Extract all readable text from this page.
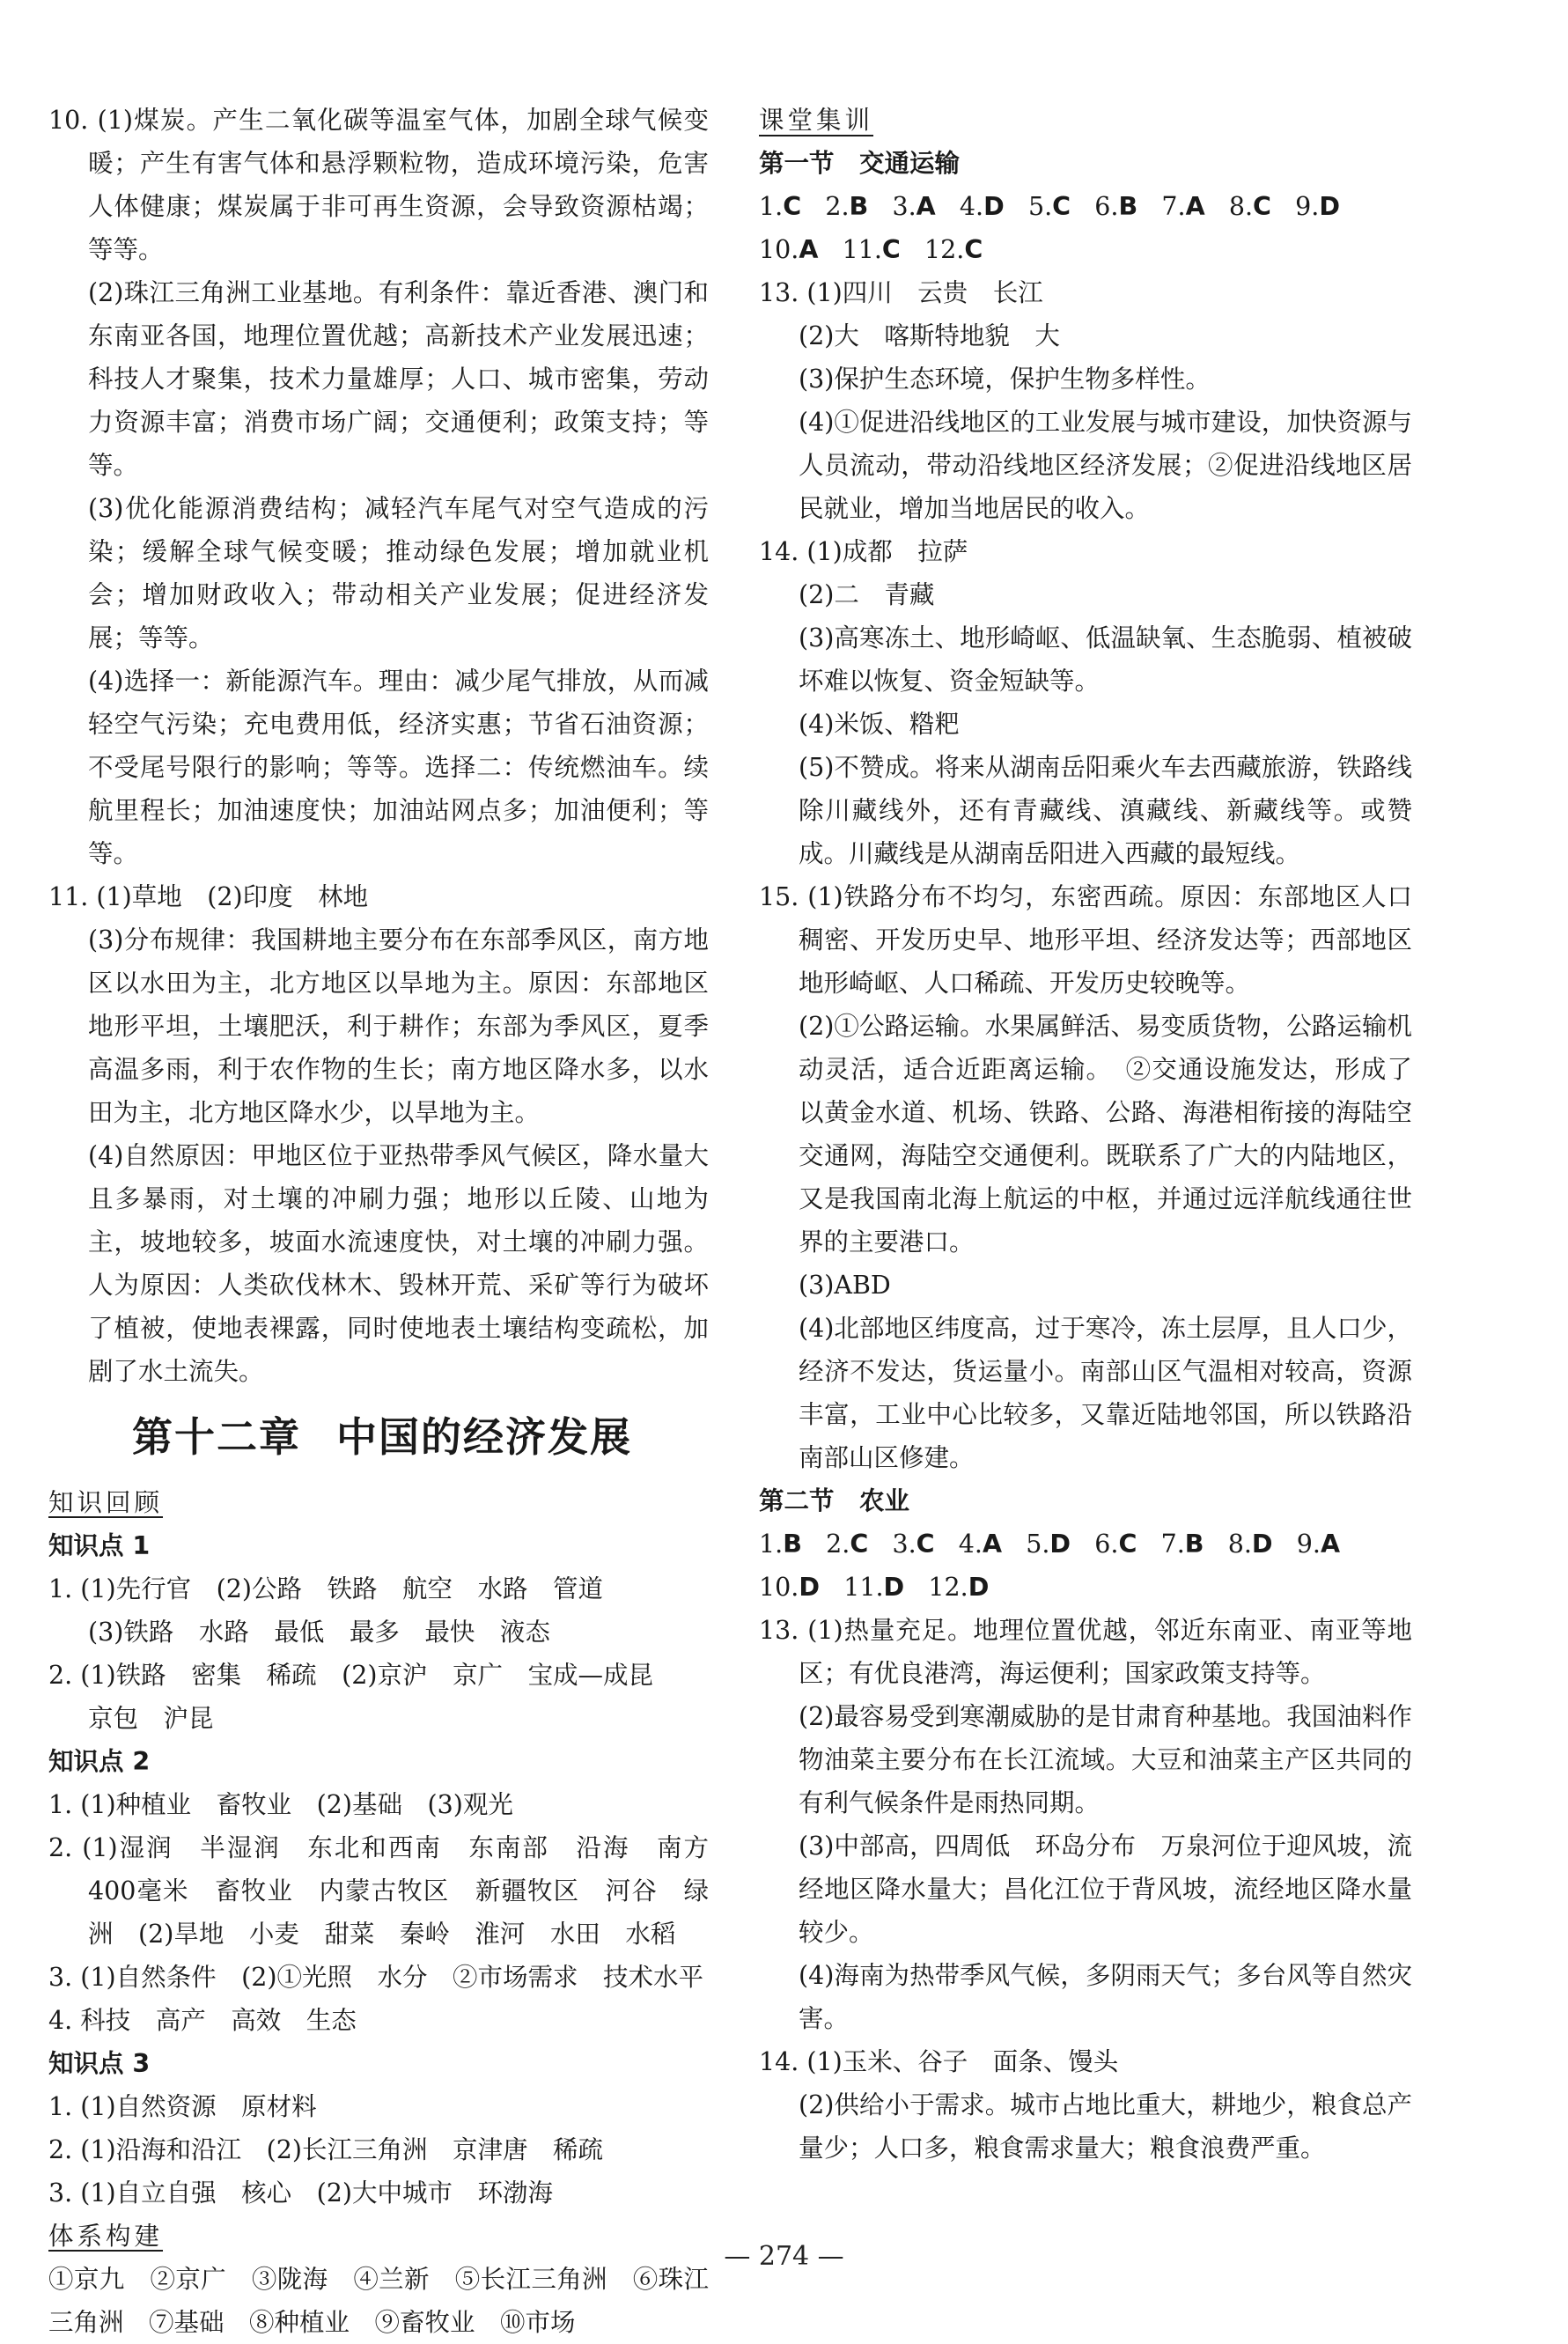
10. (1)煤炭。产生二氧化碳等温室气体，加剧全球气候变暖；产生有害气体和悬浮颗粒物，造成环境污染，危害人体健康；煤炭属于非可再生资源，会导致资源枯竭；等等。

(2)珠江三角洲工业基地。有利条件：靠近香港、澳门和东南亚各国，地理位置优越；高新技术产业发展迅速；科技人才聚集，技术力量雄厚；人口、城市密集，劳动力资源丰富；消费市场广阔；交通便利；政策支持；等等。

(3)优化能源消费结构；减轻汽车尾气对空气造成的污染；缓解全球气候变暖；推动绿色发展；增加就业机会；增加财政收入；带动相关产业发展；促进经济发展；等等。

(4)选择一：新能源汽车。理由：减少尾气排放，从而减轻空气污染；充电费用低，经济实惠；节省石油资源；不受尾号限行的影响；等等。选择二：传统燃油车。续航里程长；加油速度快；加油站网点多；加油便利；等等。

11. (1)草地　(2)印度　林地

(3)分布规律：我国耕地主要分布在东部季风区，南方地区以水田为主，北方地区以旱地为主。原因：东部地区地形平坦，土壤肥沃，利于耕作；东部为季风区，夏季高温多雨，利于农作物的生长；南方地区降水多，以水田为主，北方地区降水少，以旱地为主。

(4)自然原因：甲地区位于亚热带季风气候区，降水量大且多暴雨，对土壤的冲刷力强；地形以丘陵、山地为主，坡地较多，坡面水流速度快，对土壤的冲刷力强。人为原因：人类砍伐林木、毁林开荒、采矿等行为破坏了植被，使地表裸露，同时使地表土壤结构变疏松，加剧了水土流失。

第十二章 中国的经济发展

知识回顾

知识点 1

1. (1)先行官　(2)公路　铁路　航空　水路　管道

(3)铁路　水路　最低　最多　最快　液态

2. (1)铁路　密集　稀疏　(2)京沪　京广　宝成—成昆

京包　沪昆

知识点 2

1. (1)种植业　畜牧业　(2)基础　(3)观光

2. (1)湿润　半湿润　东北和西南　东南部　沿海　南方　400毫米　畜牧业　内蒙古牧区　新疆牧区　河谷　绿洲　(2)旱地　小麦　甜菜　秦岭　淮河　水田　水稻

3. (1)自然条件　(2)①光照　水分　②市场需求　技术水平

4. 科技　高产　高效　生态

知识点 3

1. (1)自然资源　原材料

2. (1)沿海和沿江　(2)长江三角洲　京津唐　稀疏

3. (1)自立自强　核心　(2)大中城市　环渤海

体系构建

①京九　②京广　③陇海　④兰新　⑤长江三角洲　⑥珠江三角洲　⑦基础　⑧种植业　⑨畜牧业　⑩市场

课堂集训

第一节　交通运输

1.C 2.B 3.A 4.D 5.C 6.B 7.A 8.C 9.D

10.A 11.C 12.C

13. (1)四川　云贵　长江

(2)大　喀斯特地貌　大

(3)保护生态环境，保护生物多样性。

(4)①促进沿线地区的工业发展与城市建设，加快资源与人员流动，带动沿线地区经济发展；②促进沿线地区居民就业，增加当地居民的收入。

14. (1)成都　拉萨

(2)二　青藏

(3)高寒冻土、地形崎岖、低温缺氧、生态脆弱、植被破坏难以恢复、资金短缺等。

(4)米饭、糌粑

(5)不赞成。将来从湖南岳阳乘火车去西藏旅游，铁路线除川藏线外，还有青藏线、滇藏线、新藏线等。或赞成。川藏线是从湖南岳阳进入西藏的最短线。

15. (1)铁路分布不均匀，东密西疏。原因：东部地区人口稠密、开发历史早、地形平坦、经济发达等；西部地区地形崎岖、人口稀疏、开发历史较晚等。

(2)①公路运输。水果属鲜活、易变质货物，公路运输机动灵活，适合近距离运输。　②交通设施发达，形成了以黄金水道、机场、铁路、公路、海港相衔接的海陆空交通网，海陆空交通便利。既联系了广大的内陆地区，又是我国南北海上航运的中枢，并通过远洋航线通往世界的主要港口。

(3)ABD

(4)北部地区纬度高，过于寒冷，冻土层厚，且人口少，经济不发达，货运量小。南部山区气温相对较高，资源丰富，工业中心比较多，又靠近陆地邻国，所以铁路沿南部山区修建。

第二节　农业

1.B 2.C 3.C 4.A 5.D 6.C 7.B 8.D 9.A

10.D 11.D 12.D

13. (1)热量充足。地理位置优越，邻近东南亚、南亚等地区；有优良港湾，海运便利；国家政策支持等。

(2)最容易受到寒潮威胁的是甘肃育种基地。我国油料作物油菜主要分布在长江流域。大豆和油菜主产区共同的有利气候条件是雨热同期。

(3)中部高，四周低　环岛分布　万泉河位于迎风坡，流经地区降水量大；昌化江位于背风坡，流经地区降水量较少。

(4)海南为热带季风气候，多阴雨天气；多台风等自然灾害。

14. (1)玉米、谷子　面条、馒头

(2)供给小于需求。城市占地比重大，耕地少，粮食总产量少；人口多，粮食需求量大；粮食浪费严重。

— 274 —
